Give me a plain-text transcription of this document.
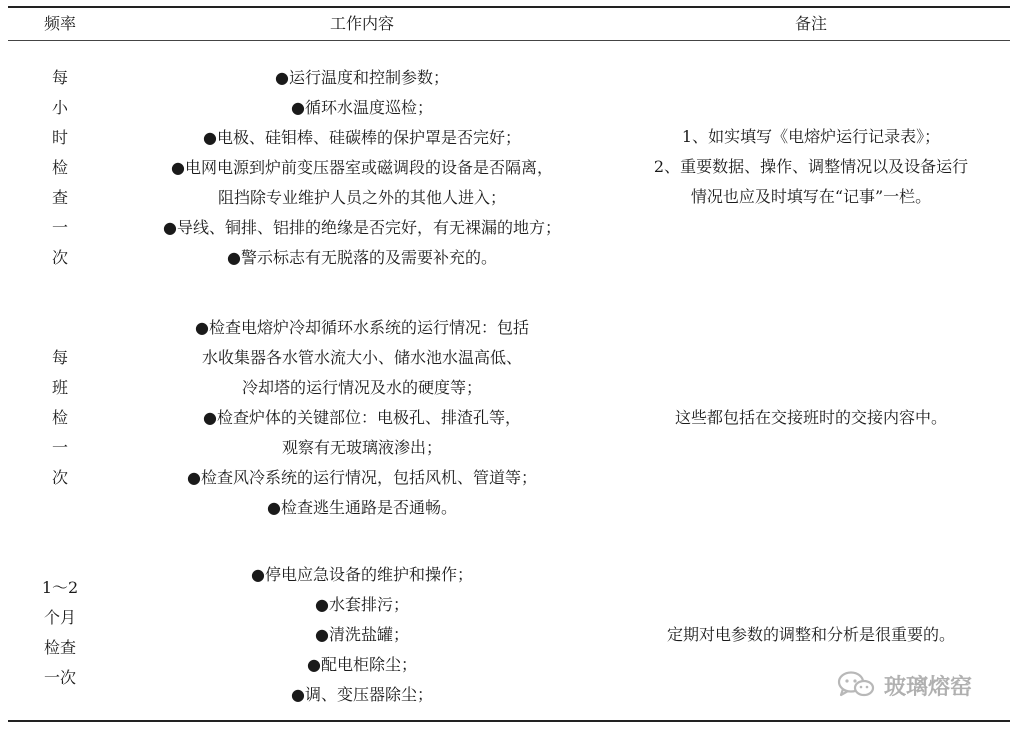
频率	工作内容	备注
每
小
时
检
查
一
次
●运行温度和控制参数；
●循环水温度巡检；
●电极、硅钼棒、硅碳棒的保护罩是否完好；
●电网电源到炉前变压器室或磁调段的设备是否隔离，
阻挡除专业维护人员之外的其他人进入；
●导线、铜排、铝排的绝缘是否完好，有无裸漏的地方；
●警示标志有无脱落的及需要补充的。
1、如实填写《电熔炉运行记录表》；
2、重要数据、操作、调整情况以及设备运行
情况也应及时填写在“记事”一栏。
每
班
检
一
次
●检查电熔炉冷却循环水系统的运行情况：包括
水收集器各水管水流大小、储水池水温高低、
冷却塔的运行情况及水的硬度等；
●检查炉体的关键部位：电极孔、排渣孔等，
观察有无玻璃液渗出；
●检查风冷系统的运行情况，包括风机、管道等；
●检查逃生通路是否通畅。
这些都包括在交接班时的交接内容中。
1～2
个月
检查
一次
●停电应急设备的维护和操作；
●水套排污；
●清洗盐罐；
●配电柜除尘；
●调、变压器除尘；
定期对电参数的调整和分析是很重要的。
玻璃熔窑
